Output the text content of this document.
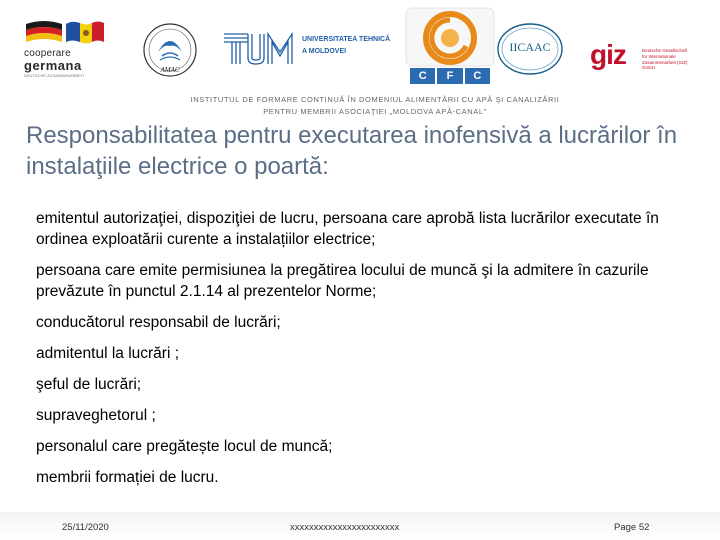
cooperare
germana
DEUTSCHE ZUSAMMENARBEIT
AMAC
UNIVERSITATEA TEHNICĂ
A MOLDOVEI
C	F	C
IICAAC giz	Deutsche Gesellschaft
für Internationale
Zusammenarbeit (GIZ) GmbH
INSTITUTUL DE FORMARE CONTINUĂ ÎN DOMENIUL ALIMENTĂRII CU APĂ ŞI CANALIZĂRII
PENTRU MEMBRII ASOCIAŢIEI „MOLDOVA APĂ-CANAL”
Responsabilitatea pentru executarea inofensivă a lucrărilor în instalaţiile electrice o poartă:
emitentul autorizaţiei, dispoziţiei de lucru, persoana care aprobă lista lucrărilor executate în ordinea exploatării curente a instalațiilor electrice;
persoana care emite permisiunea la pregătirea locului de muncă şi la admitere în cazurile prevăzute în punctul 2.1.14 al prezentelor Norme;
conducătorul responsabil de lucrări;
admitentul la lucrări ;
şeful de lucrări;
supraveghetorul ;
personalul care pregătește locul de muncă;
membrii formației de lucru.
25/11/2020	xxxxxxxxxxxxxxxxxxxxxxx	Page 52
